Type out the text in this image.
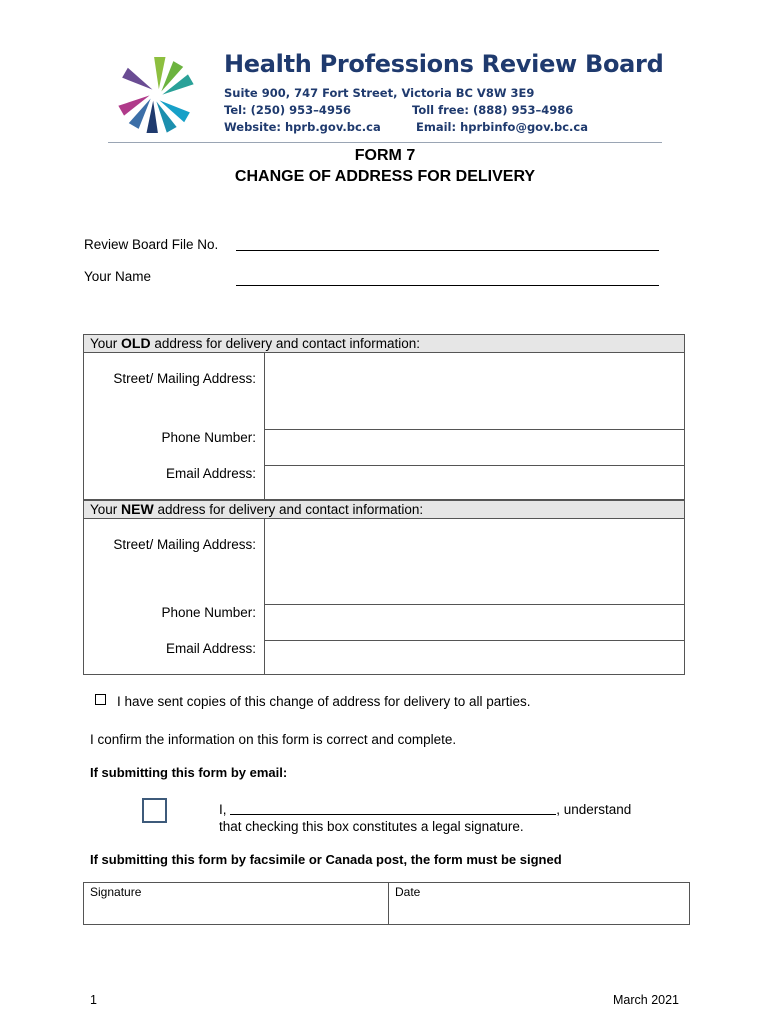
Health Professions Review Board
Suite 900, 747 Fort Street, Victoria BC V8W 3E9
Tel: (250) 953–4956	Toll free: (888) 953–4986
Website: hprb.gov.bc.ca	Email: hprbinfo@gov.bc.ca
FORM 7
CHANGE OF ADDRESS FOR DELIVERY
Review Board File No.
Your Name
Your OLD address for delivery and contact information:
Street/ Mailing Address:
Phone Number:
Email Address:
Your NEW address for delivery and contact information:
Street/ Mailing Address:
Phone Number:
Email Address:
I have sent copies of this change of address for delivery to all parties.
I confirm the information on this form is correct and complete.
If submitting this form by email:
I,	, understand
that checking this box constitutes a legal signature.
If submitting this form by facsimile or Canada post, the form must be signed
Signature	Date
1	March 2021
